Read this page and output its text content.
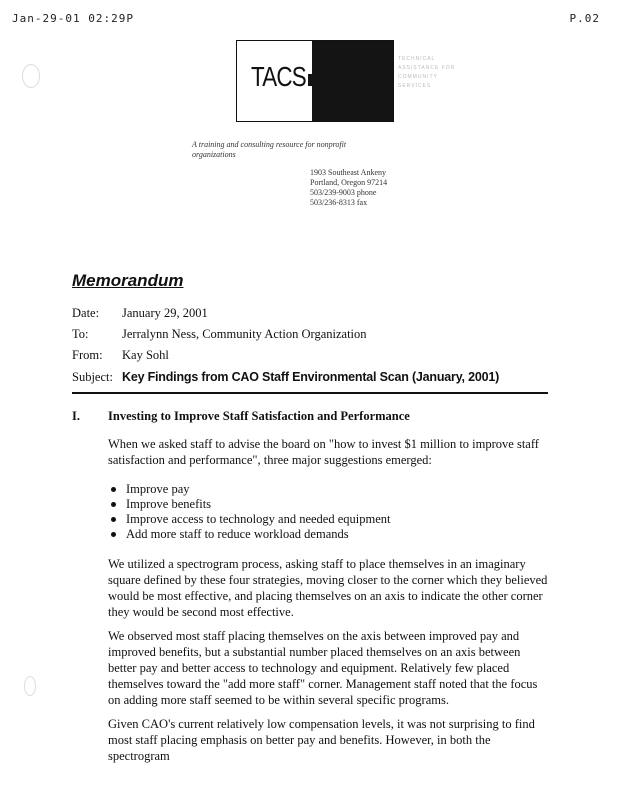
Jan-29-01 02:29P	P.02
TACS
TECHNICAL ASSISTANCE FOR COMMUNITY SERVICES
A training and consulting resource for nonprofit organizations
1903 Southeast Ankeny
Portland, Oregon 97214
503/239-9003 phone
503/236-8313 fax
Memorandum
Date: January 29, 2001
To:	Jerralynn Ness, Community Action Organization
From: Kay Sohl
Subject: Key Findings from CAO Staff Environmental Scan (January, 2001)
I. Investing to Improve Staff Satisfaction and Performance

When we asked staff to advise the board on "how to invest $1 million to improve staff satisfaction and performance", three major suggestions emerged:

Improve pay
Improve benefits
Improve access to technology and needed equipment
Add more staff to reduce workload demands

We utilized a spectrogram process, asking staff to place themselves in an imaginary square defined by these four strategies, moving closer to the corner which they believed would be most effective, and placing themselves on an axis to indicate the other corner they would be second most effective.

We observed most staff placing themselves on the axis between improved pay and improved benefits, but a substantial number placed themselves on an axis between better pay and better access to technology and equipment. Relatively few placed themselves toward the "add more staff" corner. Management staff noted that the focus on adding more staff seemed to be within several specific programs.

Given CAO's current relatively low compensation levels, it was not surprising to find most staff placing emphasis on better pay and benefits. However, in both the spectrogram
